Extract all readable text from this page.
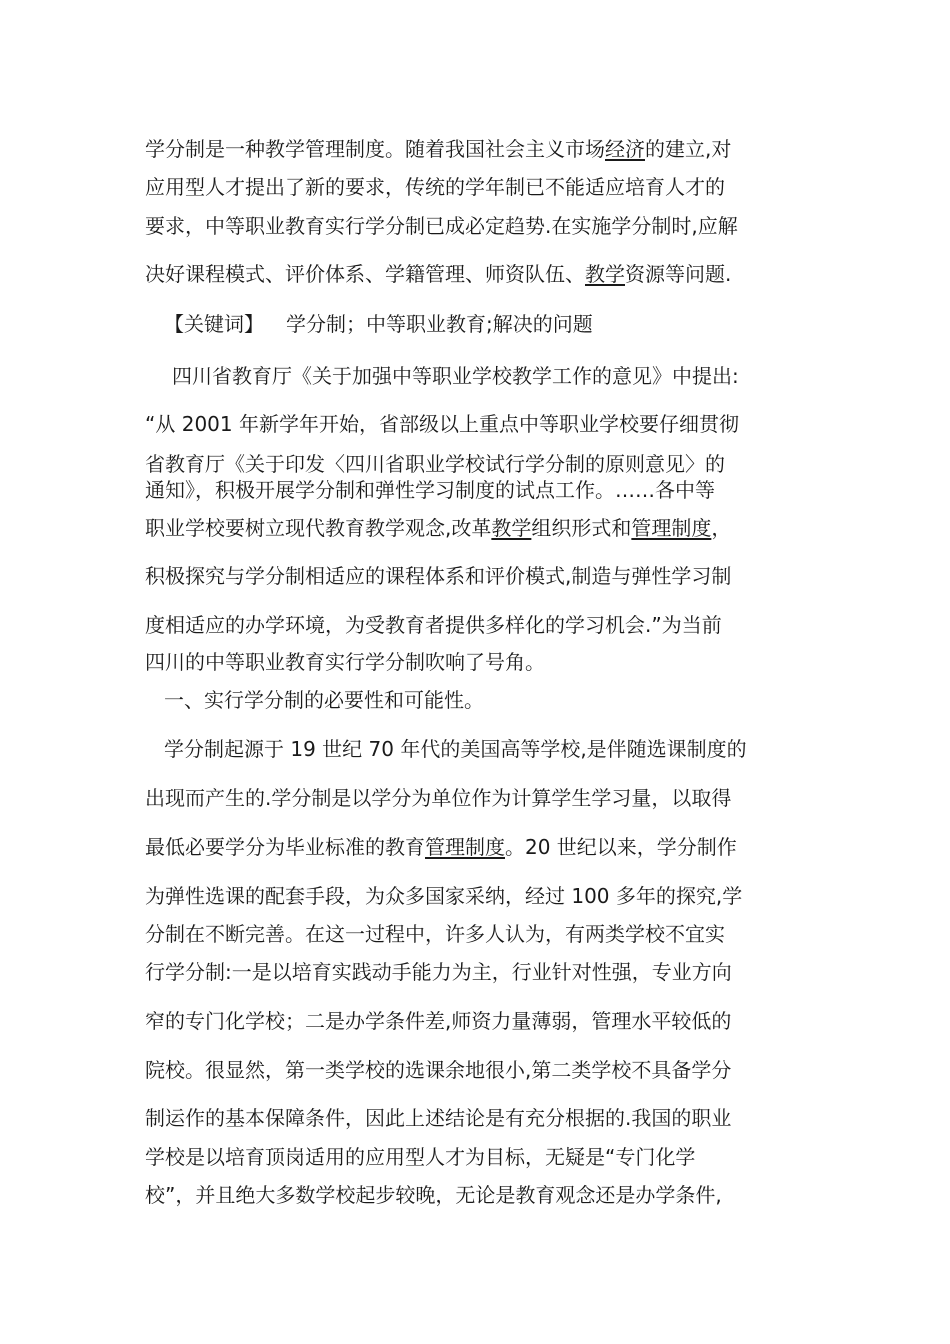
学分制是一种教学管理制度。随着我国社会主义市场经济的建立,对
应用型人才提出了新的要求，传统的学年制已不能适应培育人才的
要求，中等职业教育实行学分制已成必定趋势.在实施学分制时,应解
决好课程模式、评价体系、学籍管理、师资队伍、教学资源等问题.
【关键词】 学分制；中等职业教育;解决的问题
四川省教育厅《关于加强中等职业学校教学工作的意见》中提出:
“从 2001 年新学年开始，省部级以上重点中等职业学校要仔细贯彻
省教育厅《关于印发〈四川省职业学校试行学分制的原则意见〉的
通知》，积极开展学分制和弹性学习制度的试点工作。……各中等
职业学校要树立现代教育教学观念,改革教学组织形式和管理制度，
积极探究与学分制相适应的课程体系和评价模式,制造与弹性学习制
度相适应的办学环境，为受教育者提供多样化的学习机会.”为当前
四川的中等职业教育实行学分制吹响了号角。
一、实行学分制的必要性和可能性。
学分制起源于 19 世纪 70 年代的美国高等学校,是伴随选课制度的
出现而产生的.学分制是以学分为单位作为计算学生学习量，以取得
最低必要学分为毕业标准的教育管理制度。20 世纪以来，学分制作
为弹性选课的配套手段，为众多国家采纳，经过 100 多年的探究,学
分制在不断完善。在这一过程中，许多人认为，有两类学校不宜实
行学分制:一是以培育实践动手能力为主，行业针对性强，专业方向
窄的专门化学校；二是办学条件差,师资力量薄弱，管理水平较低的
院校。很显然，第一类学校的选课余地很小,第二类学校不具备学分
制运作的基本保障条件，因此上述结论是有充分根据的.我国的职业
学校是以培育顶岗适用的应用型人才为目标，无疑是“专门化学
校”，并且绝大多数学校起步较晚，无论是教育观念还是办学条件,
